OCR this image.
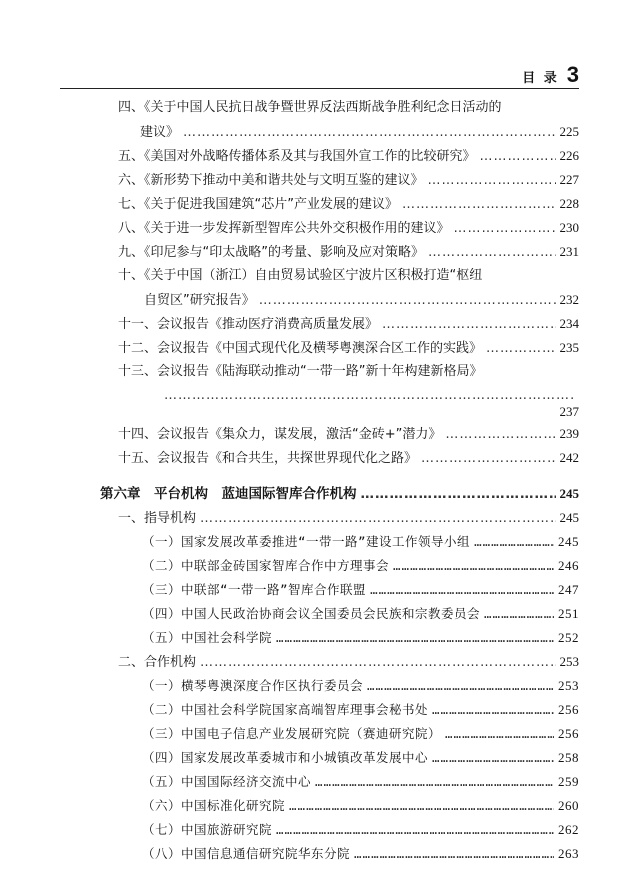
目 录 3
四、《关于中国人民抗日战争暨世界反法西斯战争胜利纪念日活动的
建议》 ………………………………………………………………………………………………………………	225
五、《美国对外战略传播体系及其与我国外宣工作的比较研究》 ………………………………………………………………………………………………………………	226
六、《新形势下推动中美和谐共处与文明互鉴的建议》 ………………………………………………………………………………………………………………	227
七、《关于促进我国建筑“芯片”产业发展的建议》 ………………………………………………………………………………………………………………	228
八、《关于进一步发挥新型智库公共外交积极作用的建议》 ………………………………………………………………………………………………………………	230
九、《印尼参与“印太战略”的考量、影响及应对策略》 ………………………………………………………………………………………………………………	231
十、《关于中国（浙江）自由贸易试验区宁波片区积极打造“枢纽
自贸区”研究报告》 ………………………………………………………………………………………………………………	232
十一、会议报告《推动医疗消费高质量发展》 ………………………………………………………………………………………………………………	234
十二、会议报告《中国式现代化及横琴粤澳深合区工作的实践》 ………………………………………………………………………………………………………………	235
十三、会议报告《陆海联动推动“一带一路”新十年构建新格局》
………………………………………………………………………………………………………………
237
十四、会议报告《集众力，谋发展，激活“金砖+”潜力》 ………………………………………………………………………………………………………………	239
十五、会议报告《和合共生，共探世界现代化之路》 ………………………………………………………………………………………………………………	242
第六章　平台机构　蓝迪国际智库合作机构 ………………………………………………………………………………………………………………	245
一、指导机构 ………………………………………………………………………………………………………………	245
（一）国家发展改革委推进“一带一路”建设工作领导小组 ………………………………………………………………………………………………………………	245
（二）中联部金砖国家智库合作中方理事会 ………………………………………………………………………………………………………………	246
（三）中联部“一带一路”智库合作联盟 ………………………………………………………………………………………………………………	247
（四）中国人民政治协商会议全国委员会民族和宗教委员会 ………………………………………………………………………………………………………………	251
（五）中国社会科学院 ………………………………………………………………………………………………………………	252
二、合作机构 ………………………………………………………………………………………………………………	253
（一）横琴粤澳深度合作区执行委员会 ………………………………………………………………………………………………………………	253
（二）中国社会科学院国家高端智库理事会秘书处 ………………………………………………………………………………………………………………	256
（三）中国电子信息产业发展研究院（赛迪研究院） ………………………………………………………………………………………………………………	256
（四）国家发展改革委城市和小城镇改革发展中心 ………………………………………………………………………………………………………………	258
（五）中国国际经济交流中心 ………………………………………………………………………………………………………………	259
（六）中国标准化研究院 ………………………………………………………………………………………………………………	260
（七）中国旅游研究院 ………………………………………………………………………………………………………………	262
（八）中国信息通信研究院华东分院 ………………………………………………………………………………………………………………	263
